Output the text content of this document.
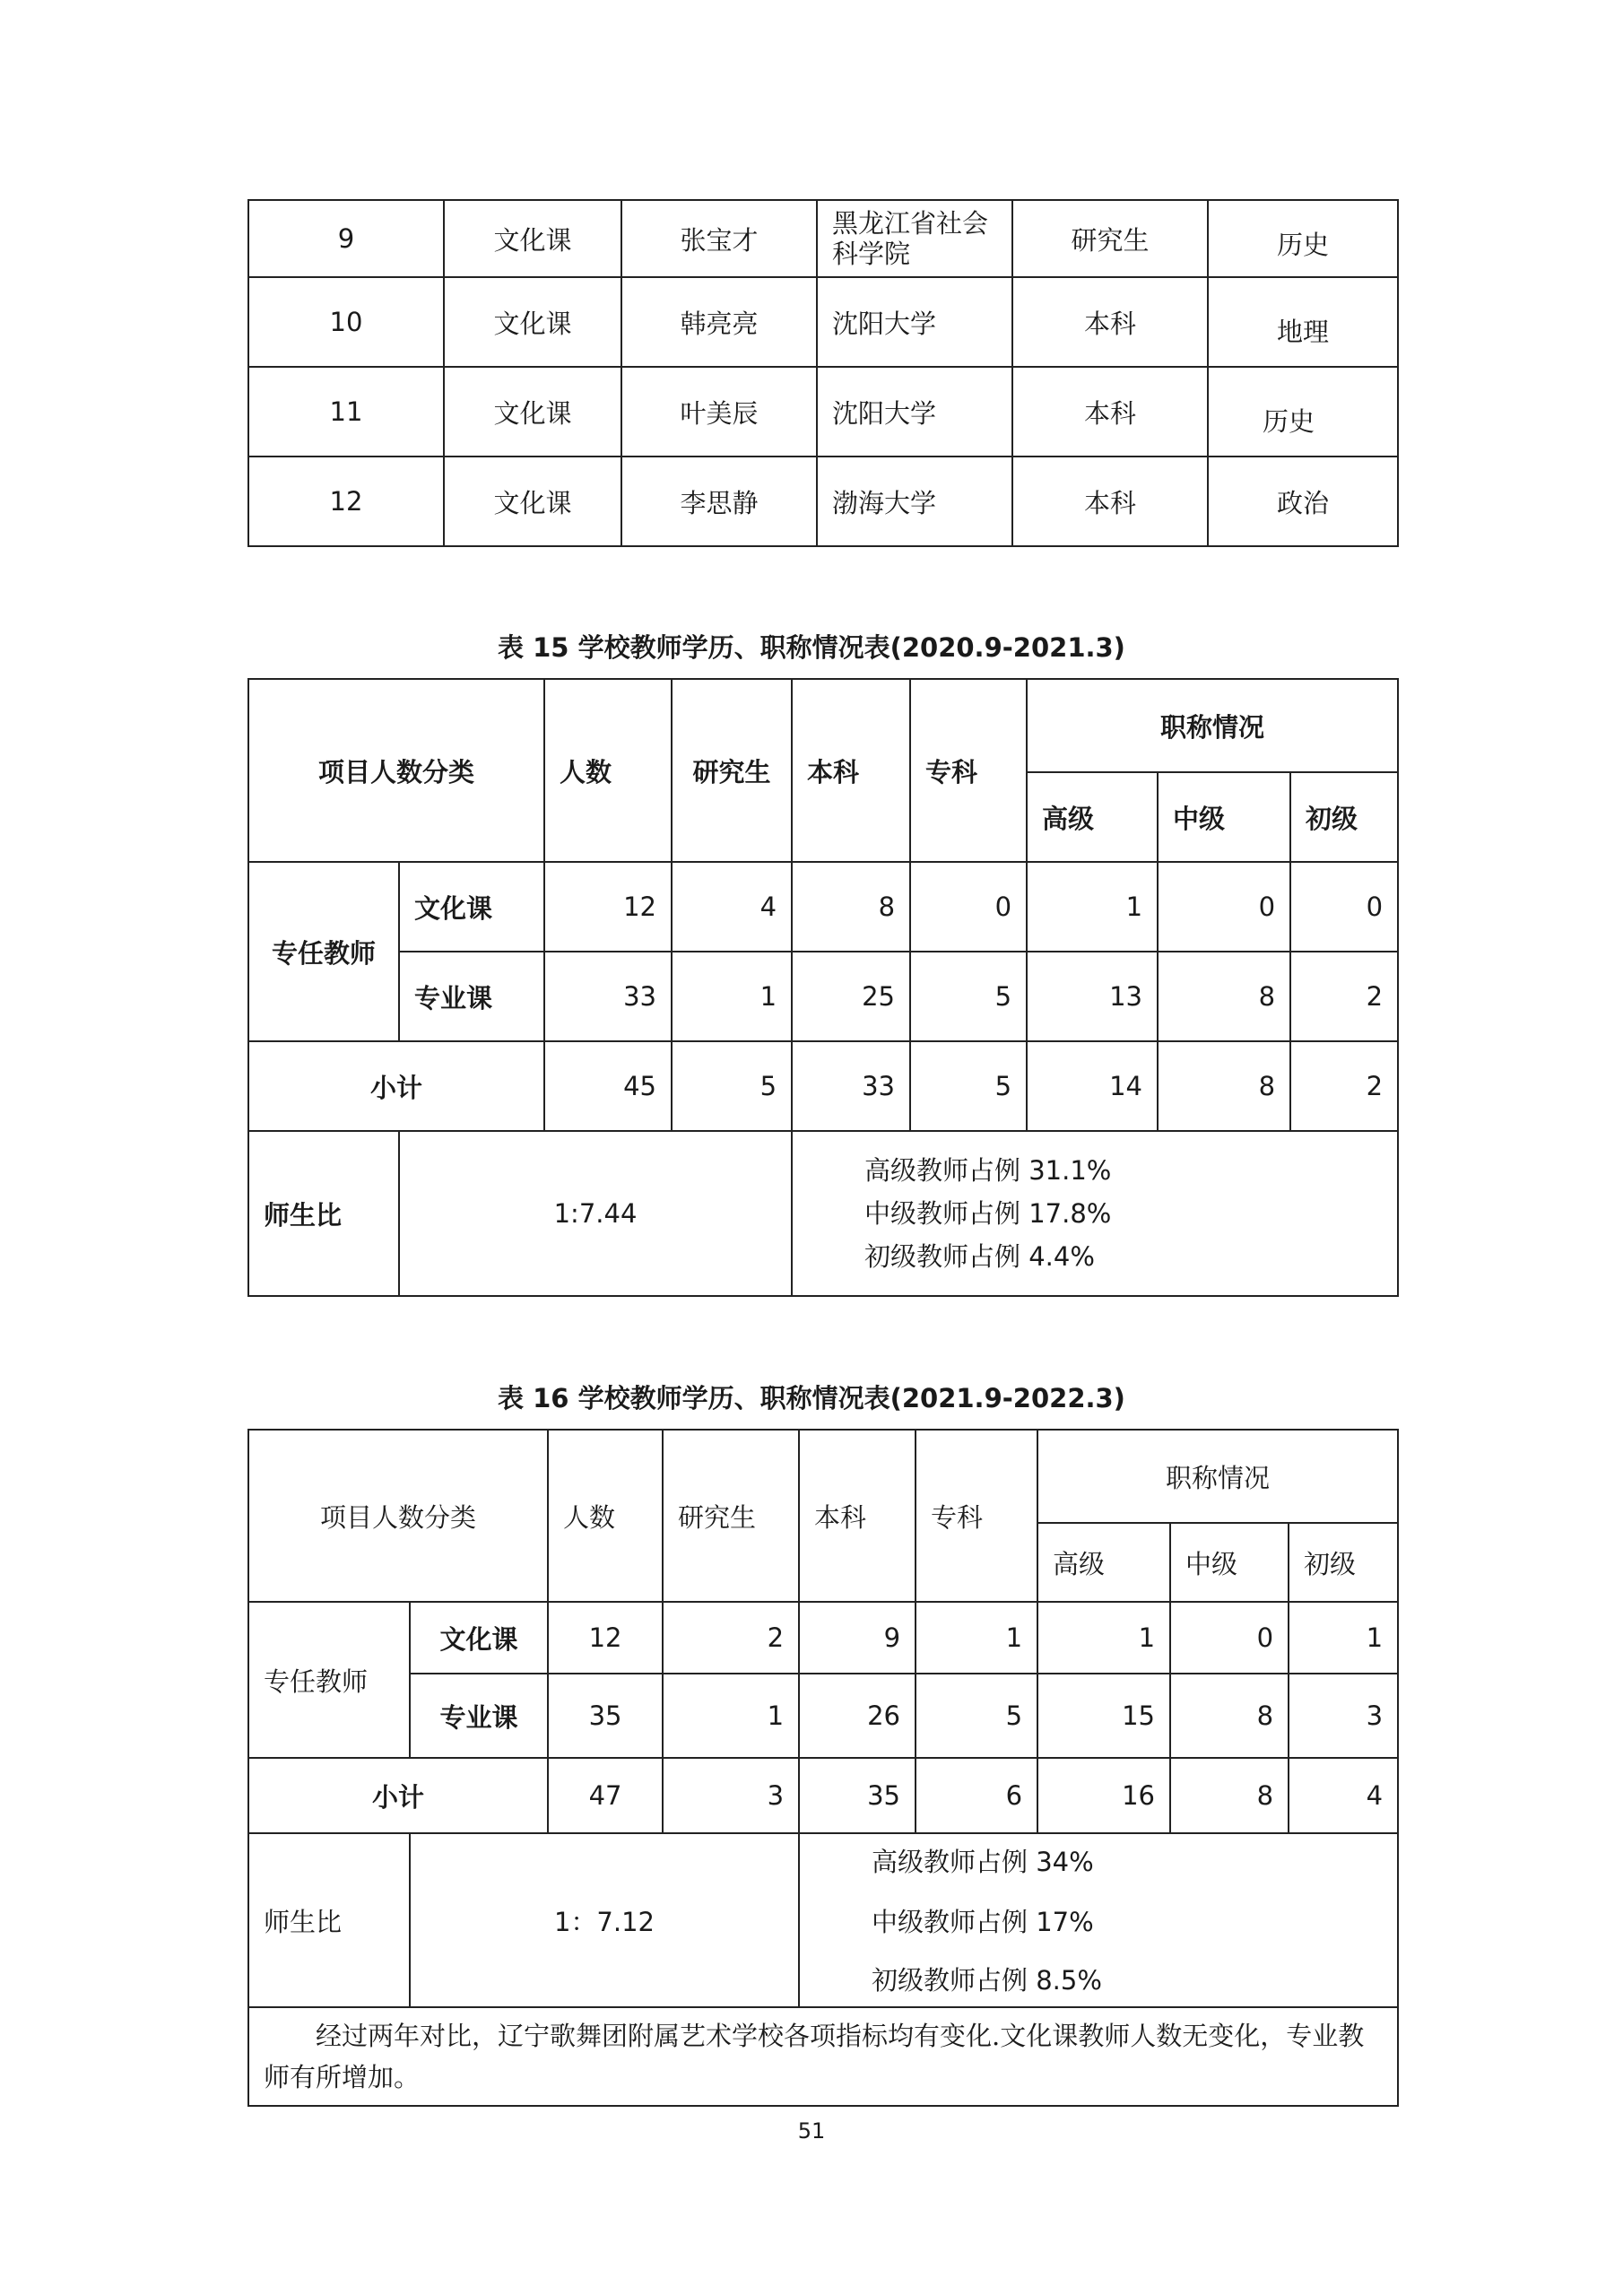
9	文化课	张宝才	黑龙江省社会科学院	研究生	历史
10	文化课	韩亮亮	沈阳大学	本科	地理
11	文化课	叶美辰	沈阳大学	本科	历史
12	文化课	李思静	渤海大学	本科	政治
表 15 学校教师学历、职称情况表(2020.9-2021.3)
项目人数分类		人数	研究生	本科	专科	职称情况		
						高级	中级	初级
专任教师	文化课	12	4	8	0	1	0	0
	专业课	33	1	25	5	13	8	2
小计		45	5	33	5	14	8	2
师生比	1:7.44			高级教师占例 31.1%
中级教师占例 17.8%
初级教师占例 4.4%				
表 16 学校教师学历、职称情况表(2021.9-2022.3)
项目人数分类		人数	研究生	本科	专科	职称情况		
						高级	中级	初级
专任教师	文化课	12	2	9	1	1	0	1
	专业课	35	1	26	5	15	8	3
小计		47	3	35	6	16	8	4
师生比	1：7.12			高级教师占例 34%
中级教师占例 17%
初级教师占例 8.5%				

经过两年对比，辽宁歌舞团附属艺术学校各项指标均有变化.文化课教师人数无变化，专业教师有所增加。								
51
